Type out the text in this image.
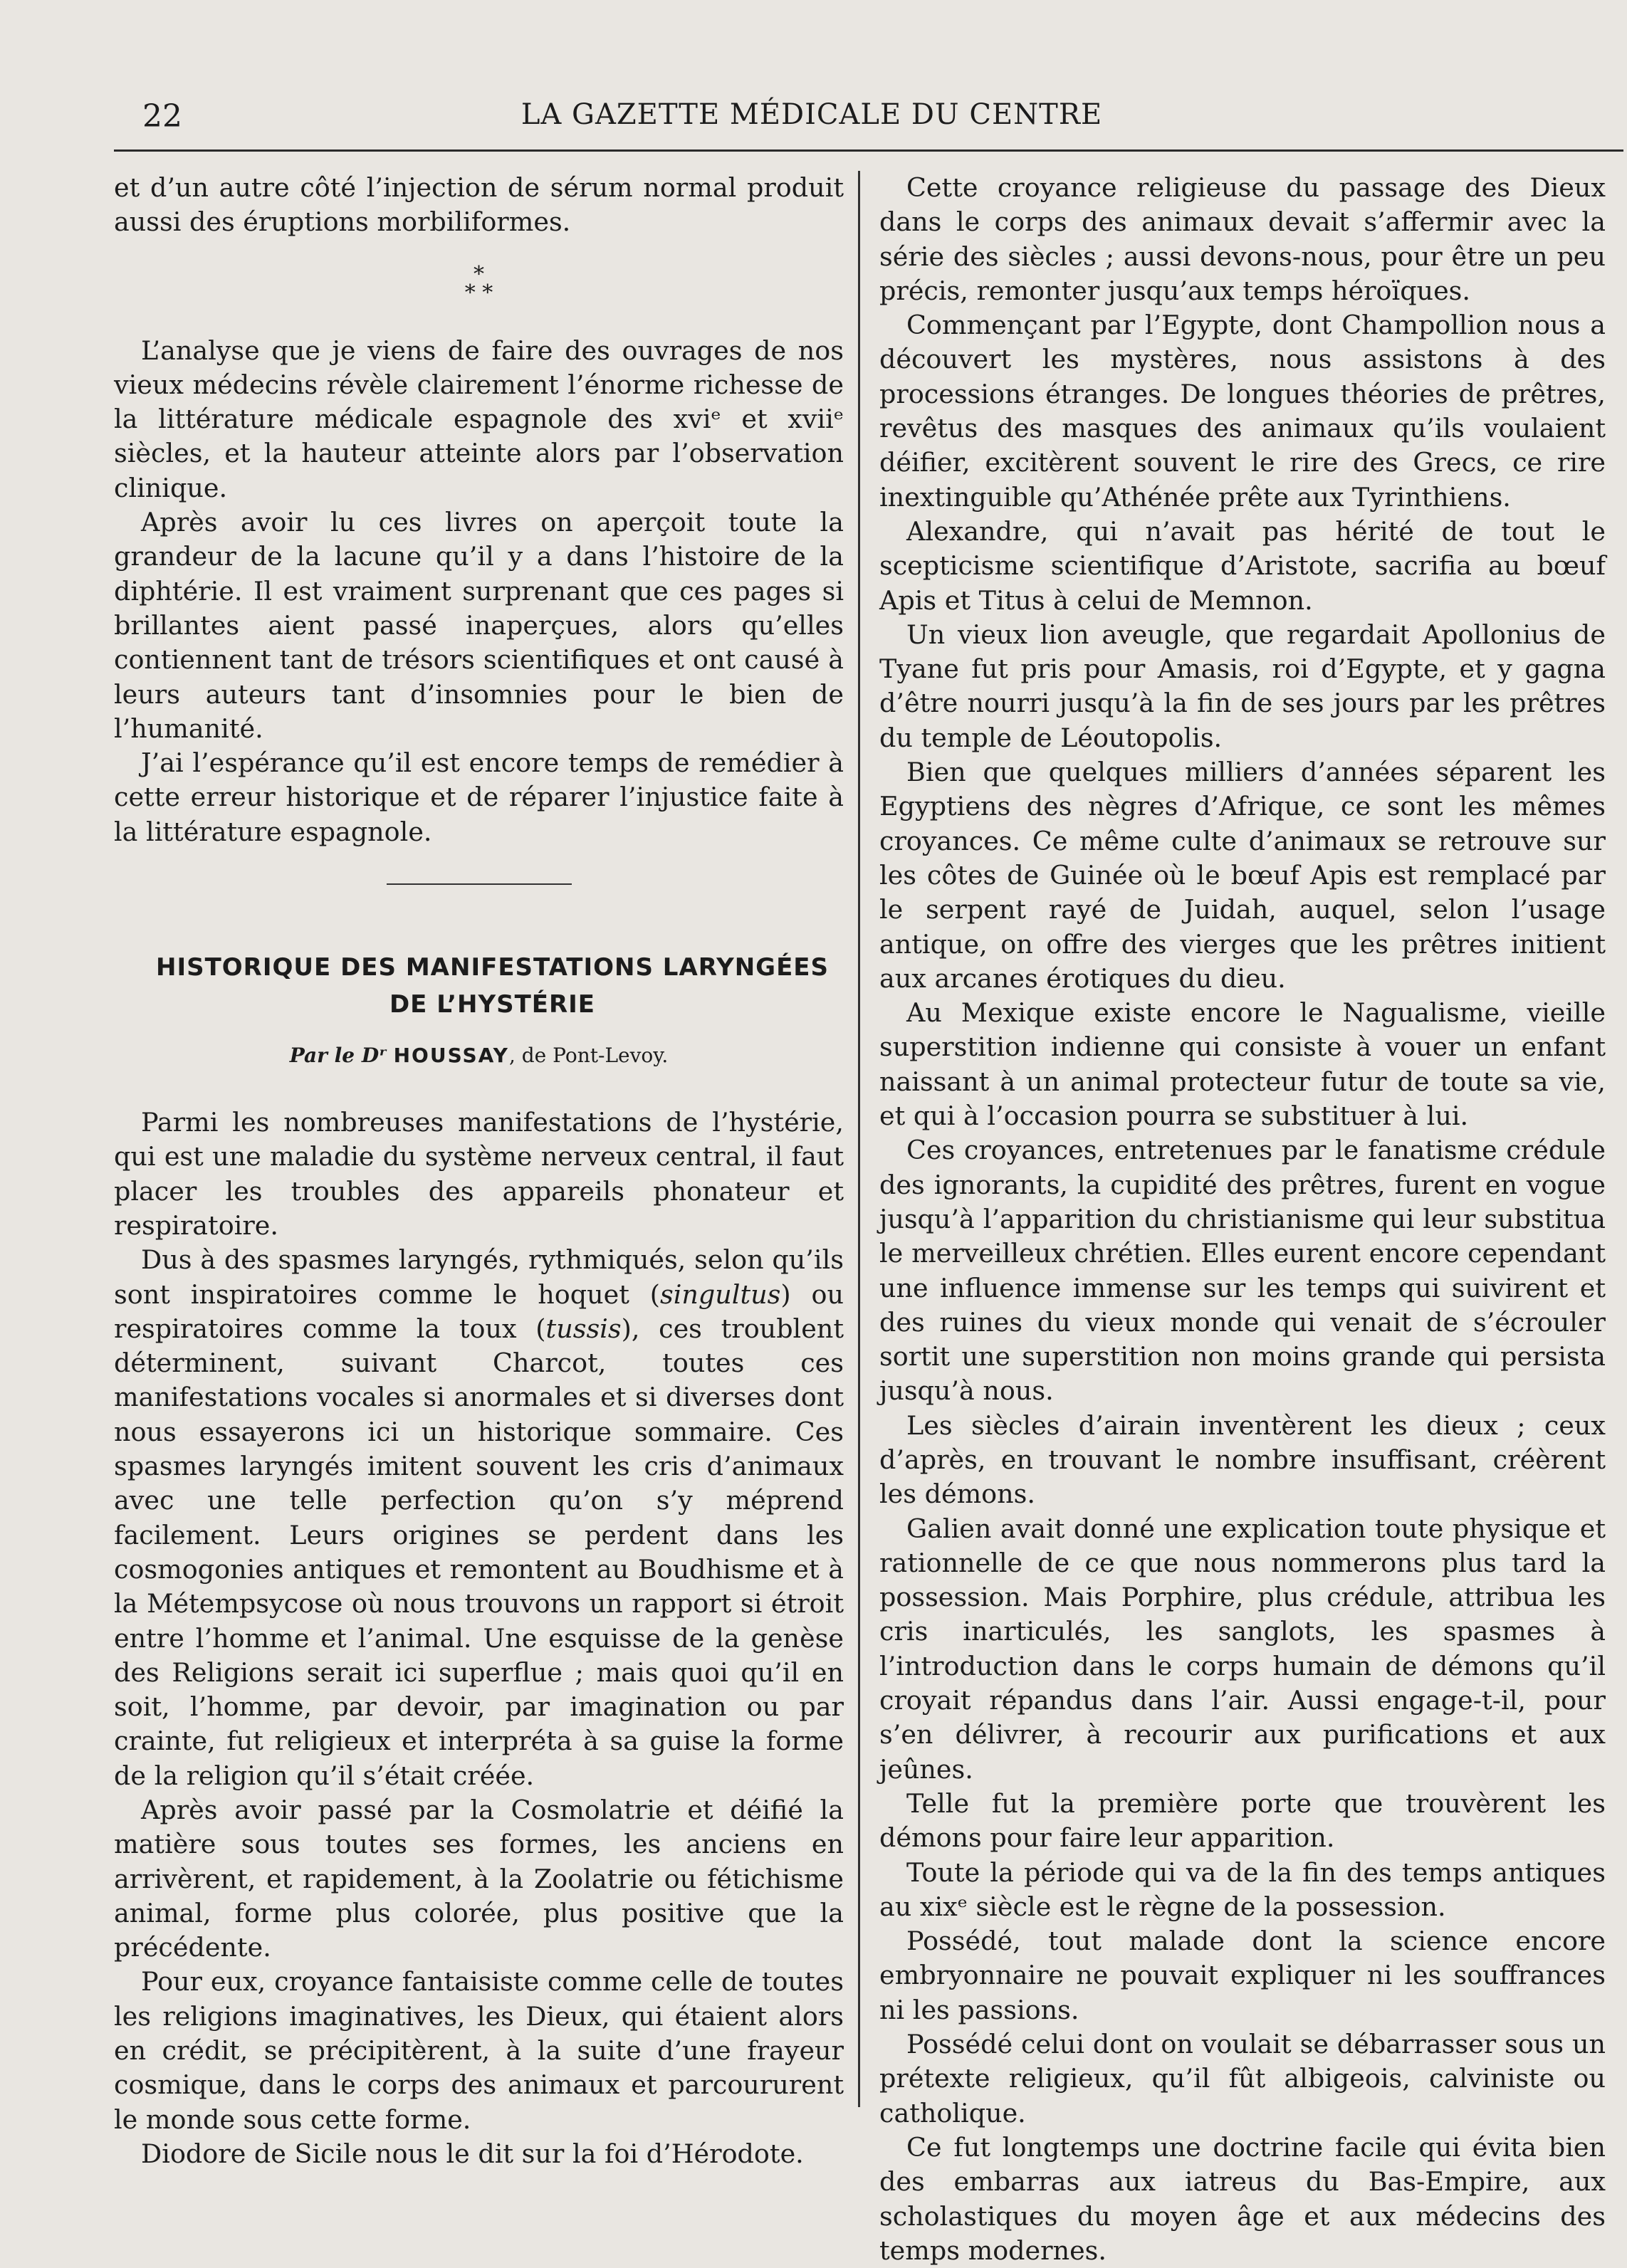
22	LA GAZETTE MÉDICALE DU CENTRE

et d’un autre côté l’injection de sérum normal produit aussi des éruptions morbiliformes.

*
* *

L’analyse que je viens de faire des ouvrages de nos vieux médecins révèle clairement l’énorme richesse de la littérature médicale espagnole des xviᵉ et xviiᵉ siècles, et la hauteur atteinte alors par l’observation clinique.

Après avoir lu ces livres on aperçoit toute la grandeur de la lacune qu’il y a dans l’histoire de la diphtérie. Il est vraiment surprenant que ces pages si brillantes aient passé inaperçues, alors qu’elles contiennent tant de trésors scientifiques et ont causé à leurs auteurs tant d’insomnies pour le bien de l’humanité.

J’ai l’espérance qu’il est encore temps de remédier à cette erreur historique et de réparer l’injustice faite à la littérature espagnole.

HISTORIQUE DES MANIFESTATIONS LARYNGÉES

DE L’HYSTÉRIE

Par le Dʳ HOUSSAY, de Pont-Levoy.

Parmi les nombreuses manifestations de l’hystérie, qui est une maladie du système nerveux central, il faut placer les troubles des appareils phonateur et respiratoire.

Dus à des spasmes laryngés, rythmiqués, selon qu’ils sont inspiratoires comme le hoquet (singultus) ou respiratoires comme la toux (tussis), ces troublent déterminent, suivant Charcot, toutes ces manifestations vocales si anormales et si diverses dont nous essayerons ici un historique sommaire. Ces spasmes laryngés imitent souvent les cris d’animaux avec une telle perfection qu’on s’y méprend facilement. Leurs origines se perdent dans les cosmogonies antiques et remontent au Boudhisme et à la Métempsycose où nous trouvons un rapport si étroit entre l’homme et l’animal. Une esquisse de la genèse des Religions serait ici superflue ; mais quoi qu’il en soit, l’homme, par devoir, par imagination ou par crainte, fut religieux et interpréta à sa guise la forme de la religion qu’il s’était créée.

Après avoir passé par la Cosmolatrie et déifié la matière sous toutes ses formes, les anciens en arrivèrent, et rapidement, à la Zoolatrie ou fétichisme animal, forme plus colorée, plus positive que la précédente.

Pour eux, croyance fantaisiste comme celle de toutes les religions imaginatives, les Dieux, qui étaient alors en crédit, se précipitèrent, à la suite d’une frayeur cosmique, dans le corps des animaux et parcoururent le monde sous cette forme.

Diodore de Sicile nous le dit sur la foi d’Hérodote.

Cette croyance religieuse du passage des Dieux dans le corps des animaux devait s’affermir avec la série des siècles ; aussi devons-nous, pour être un peu précis, remonter jusqu’aux temps héroïques.

Commençant par l’Egypte, dont Champollion nous a découvert les mystères, nous assistons à des processions étranges. De longues théories de prêtres, revêtus des masques des animaux qu’ils voulaient déifier, excitèrent souvent le rire des Grecs, ce rire inextinguible qu’Athénée prête aux Tyrinthiens.

Alexandre, qui n’avait pas hérité de tout le scepticisme scientifique d’Aristote, sacrifia au bœuf Apis et Titus à celui de Memnon.

Un vieux lion aveugle, que regardait Apollonius de Tyane fut pris pour Amasis, roi d’Egypte, et y gagna d’être nourri jusqu’à la fin de ses jours par les prêtres du temple de Léoutopolis.

Bien que quelques milliers d’années séparent les Egyptiens des nègres d’Afrique, ce sont les mêmes croyances. Ce même culte d’animaux se retrouve sur les côtes de Guinée où le bœuf Apis est remplacé par le serpent rayé de Juidah, auquel, selon l’usage antique, on offre des vierges que les prêtres initient aux arcanes érotiques du dieu.

Au Mexique existe encore le Nagualisme, vieille superstition indienne qui consiste à vouer un enfant naissant à un animal protecteur futur de toute sa vie, et qui à l’occasion pourra se substituer à lui.

Ces croyances, entretenues par le fanatisme crédule des ignorants, la cupidité des prêtres, furent en vogue jusqu’à l’apparition du christianisme qui leur substitua le merveilleux chrétien. Elles eurent encore cependant une influence immense sur les temps qui suivirent et des ruines du vieux monde qui venait de s’écrouler sortit une superstition non moins grande qui persista jusqu’à nous.

Les siècles d’airain inventèrent les dieux ; ceux d’après, en trouvant le nombre insuffisant, créèrent les démons.

Galien avait donné une explication toute physique et rationnelle de ce que nous nommerons plus tard la possession. Mais Porphire, plus crédule, attribua les cris inarticulés, les sanglots, les spasmes à l’introduction dans le corps humain de démons qu’il croyait répandus dans l’air. Aussi engage-t-il, pour s’en délivrer, à recourir aux purifications et aux jeûnes.

Telle fut la première porte que trouvèrent les démons pour faire leur apparition.

Toute la période qui va de la fin des temps antiques au xixᵉ siècle est le règne de la possession.

Possédé, tout malade dont la science encore embryonnaire ne pouvait expliquer ni les souffrances ni les passions.

Possédé celui dont on voulait se débarrasser sous un prétexte religieux, qu’il fût albigeois, calviniste ou catholique.

Ce fut longtemps une doctrine facile qui évita bien des embarras aux iatreus du Bas-Empire, aux scholastiques du moyen âge et aux médecins des temps modernes.
